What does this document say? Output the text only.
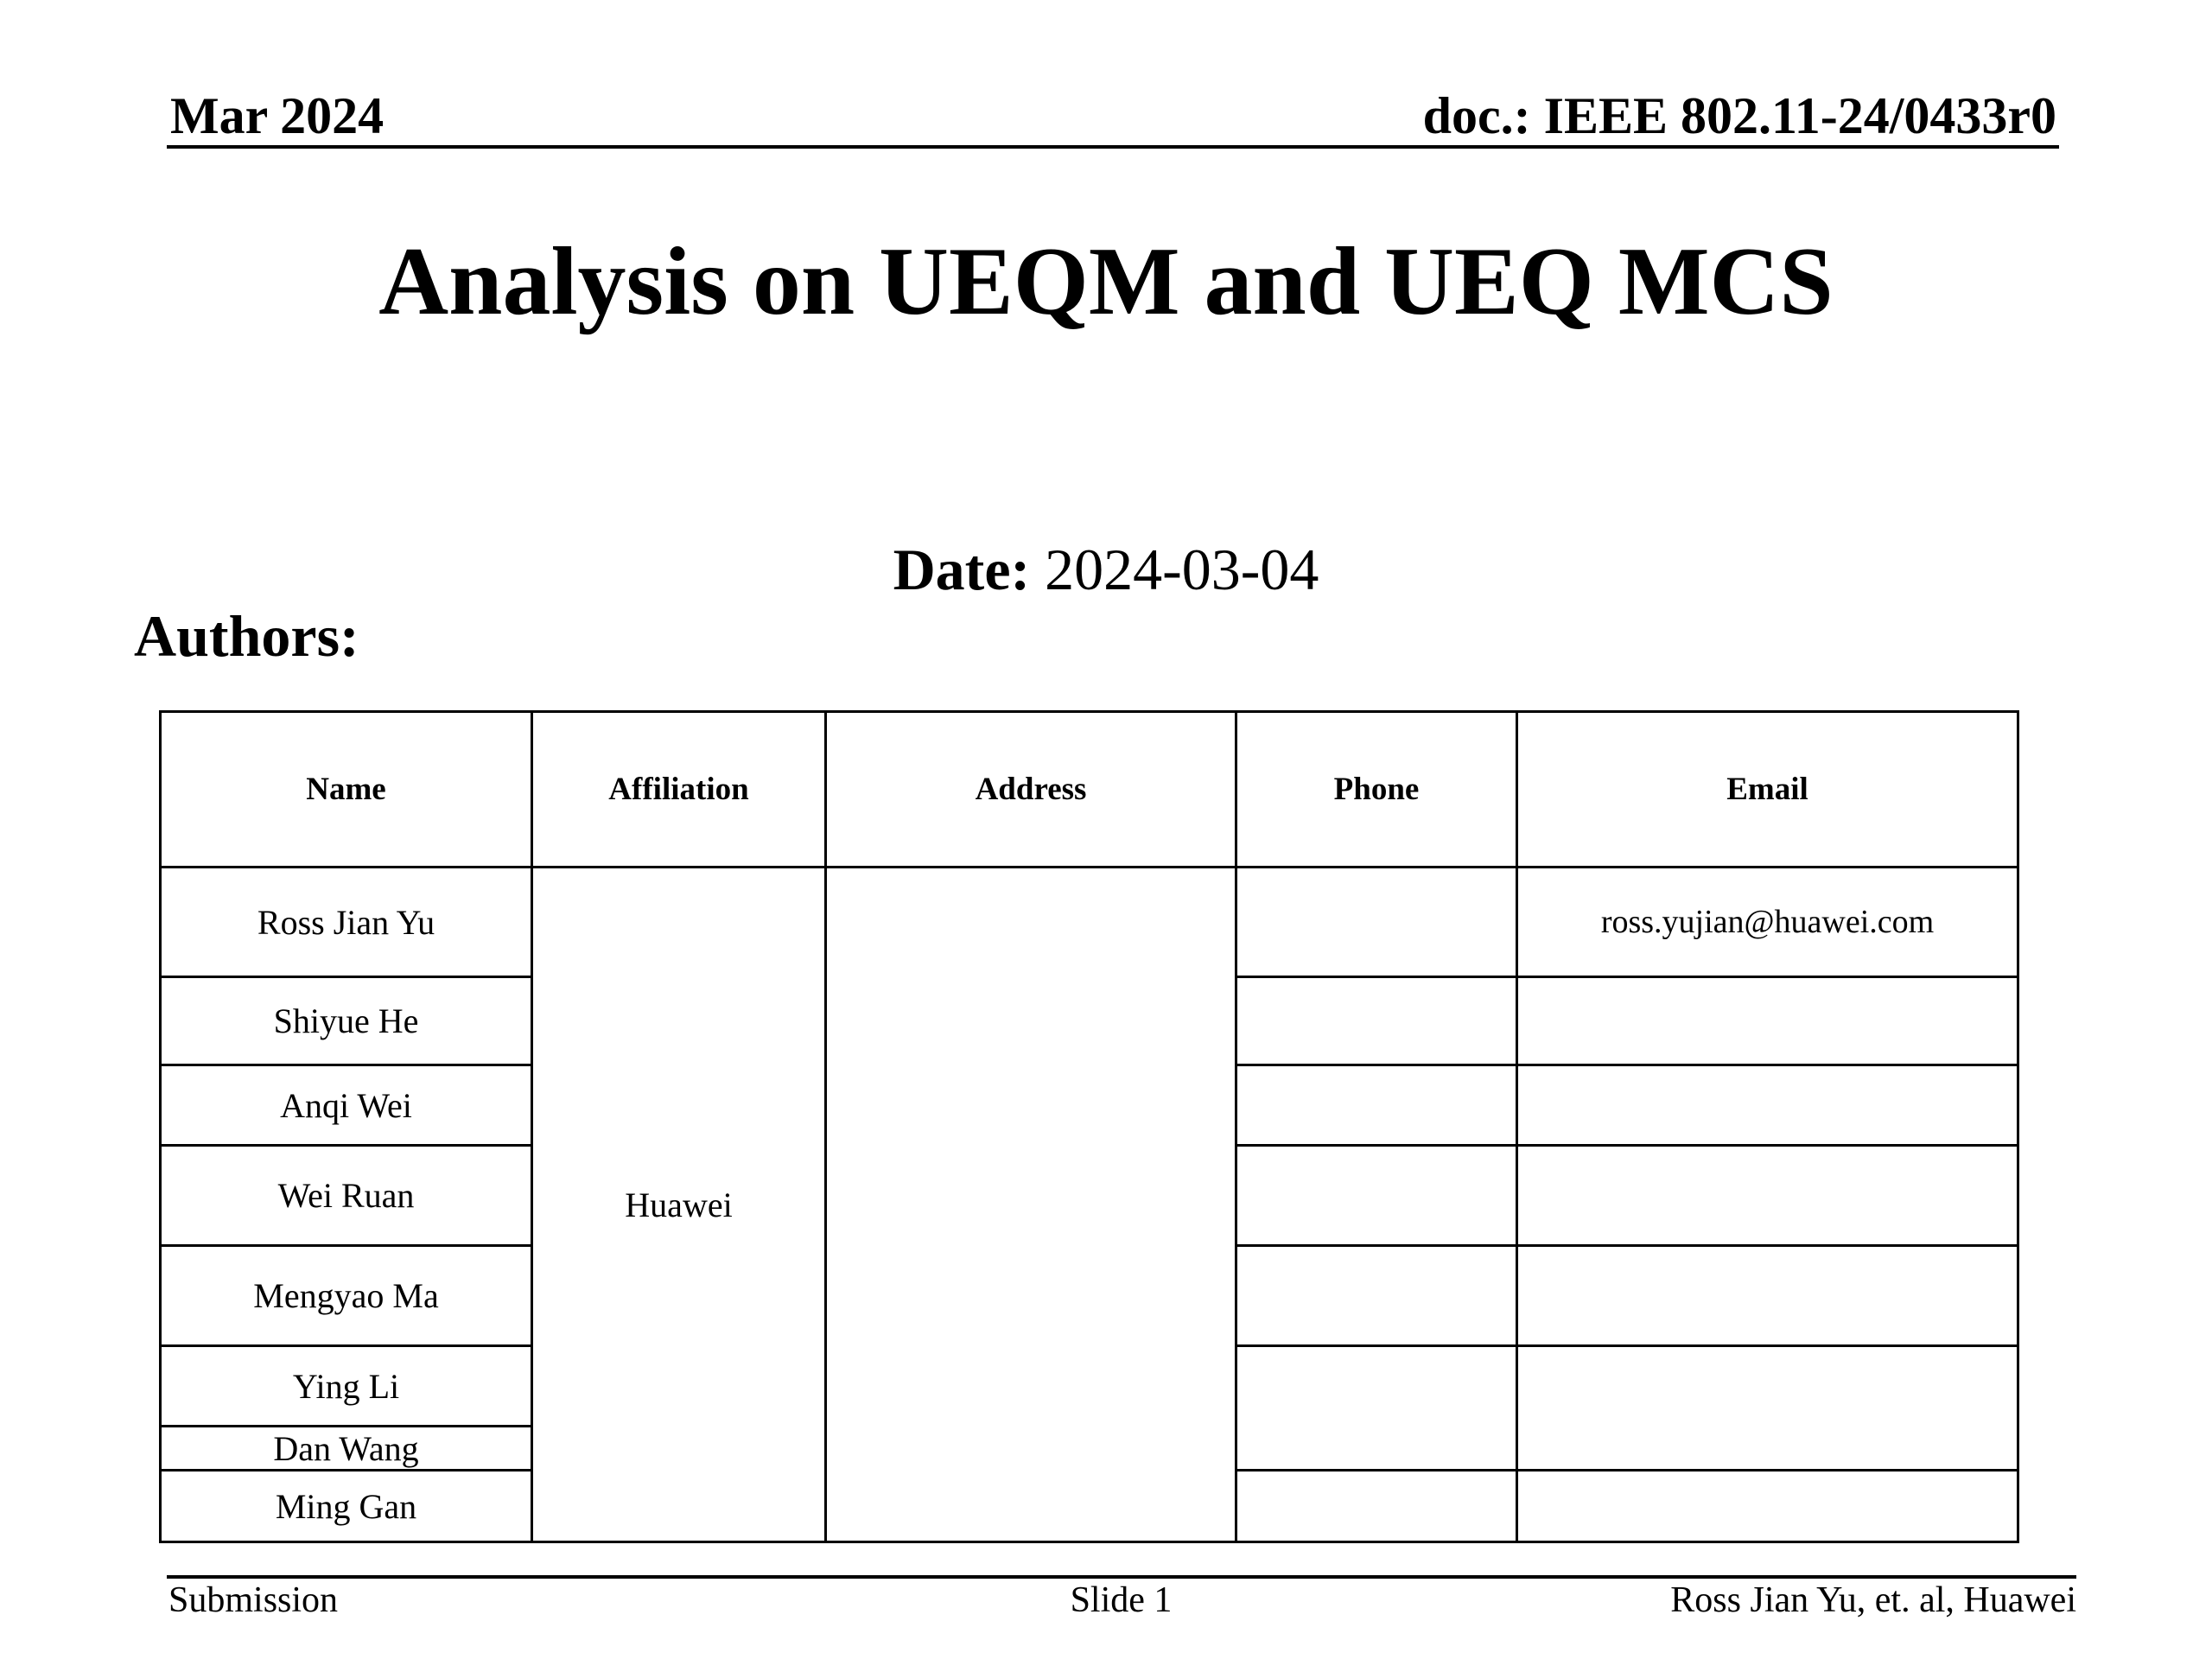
Mar 2024	doc.: IEEE 802.11-24/0433r0
Analysis on UEQM and UEQ MCS
Date: 2024-03-04
Authors:
Name	Affiliation	Address	Phone	Email
Ross Jian Yu	Huawei			ross.yujian@huawei.com
Shiyue He				
Anqi Wei				
Wei Ruan				
Mengyao Ma				
Ying Li				
Dan Wang				
Ming Gan				
Submission	Slide 1	Ross Jian Yu, et. al, Huawei
